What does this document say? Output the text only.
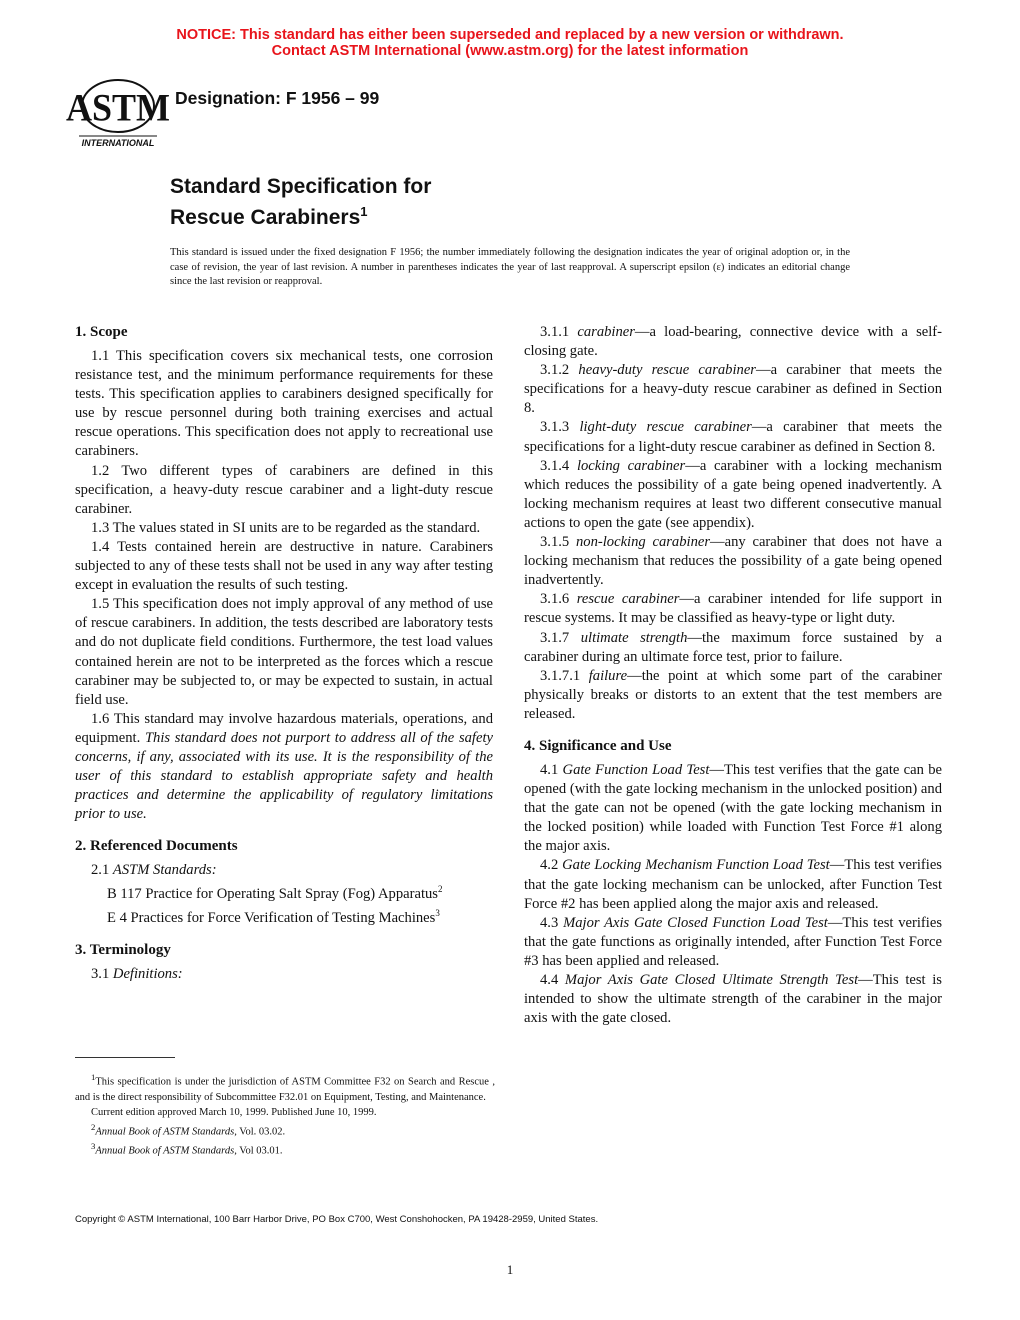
NOTICE: This standard has either been superseded and replaced by a new version or withdrawn.
Contact ASTM International (www.astm.org) for the latest information
ASTM
INTERNATIONAL
Designation: F 1956 – 99
Standard Specification for
Rescue Carabiners$^1$
This standard is issued under the fixed designation F 1956; the number immediately following the designation indicates the year of original adoption or, in the case of revision, the year of last revision. A number in parentheses indicates the year of last reapproval. A superscript epsilon (ε) indicates an editorial change since the last revision or reapproval.
1. Scope

1.1 This specification covers six mechanical tests, one corrosion resistance test, and the minimum performance requirements for these tests. This specification applies to carabiners designed specifically for use by rescue personnel during both training exercises and actual rescue operations. This specification does not apply to recreational use carabiners.

1.2 Two different types of carabiners are defined in this specification, a heavy-duty rescue carabiner and a light-duty rescue carabiner.

1.3 The values stated in SI units are to be regarded as the standard.

1.4 Tests contained herein are destructive in nature. Carabiners subjected to any of these tests shall not be used in any way after testing except in evaluation the results of such testing.

1.5 This specification does not imply approval of any method of use of rescue carabiners. In addition, the tests described are laboratory tests and do not duplicate field conditions. Furthermore, the test load values contained herein are not to be interpreted as the forces which a rescue carabiner may be subjected to, or may be expected to sustain, in actual field use.

1.6 This standard may involve hazardous materials, operations, and equipment. This standard does not purport to address all of the safety concerns, if any, associated with its use. It is the responsibility of the user of this standard to establish appropriate safety and health practices and determine the applicability of regulatory limitations prior to use.

2. Referenced Documents

2.1 ASTM Standards:

B 117 Practice for Operating Salt Spray (Fog) Apparatus$^2$

E 4 Practices for Force Verification of Testing Machines$^3$

3. Terminology

3.1 Definitions:

3.1.1 carabiner—a load-bearing, connective device with a self-closing gate.

3.1.2 heavy-duty rescue carabiner—a carabiner that meets the specifications for a heavy-duty rescue carabiner as defined in Section 8.

3.1.3 light-duty rescue carabiner—a carabiner that meets the specifications for a light-duty rescue carabiner as defined in Section 8.

3.1.4 locking carabiner—a carabiner with a locking mechanism which reduces the possibility of a gate being opened inadvertently. A locking mechanism requires at least two different consecutive manual actions to open the gate (see appendix).

3.1.5 non-locking carabiner—any carabiner that does not have a locking mechanism that reduces the possibility of a gate being opened inadvertently.

3.1.6 rescue carabiner—a carabiner intended for life support in rescue systems. It may be classified as heavy-type or light duty.

3.1.7 ultimate strength—the maximum force sustained by a carabiner during an ultimate force test, prior to failure.

3.1.7.1 failure—the point at which some part of the carabiner physically breaks or distorts to an extent that the test members are released.

4. Significance and Use

4.1 Gate Function Load Test—This test verifies that the gate can be opened (with the gate locking mechanism in the unlocked position) and that the gate can not be opened (with the gate locking mechanism in the locked position) while loaded with Function Test Force #1 along the major axis.

4.2 Gate Locking Mechanism Function Load Test—This test verifies that the gate locking mechanism can be unlocked, after Function Test Force #2 has been applied along the major axis and released.

4.3 Major Axis Gate Closed Function Load Test—This test verifies that the gate functions as originally intended, after Function Test Force #3 has been applied and released.

4.4 Major Axis Gate Closed Ultimate Strength Test—This test is intended to show the ultimate strength of the carabiner in the major axis with the gate closed.

$^1$This specification is under the jurisdiction of ASTM Committee F32 on Search and Rescue , and is the direct responsibility of Subcommittee F32.01 on Equipment, Testing, and Maintenance.

Current edition approved March 10, 1999. Published June 10, 1999.

$^2$Annual Book of ASTM Standards, Vol. 03.02.

$^3$Annual Book of ASTM Standards, Vol 03.01.

Copyright © ASTM International, 100 Barr Harbor Drive, PO Box C700, West Conshohocken, PA 19428-2959, United States.
1
